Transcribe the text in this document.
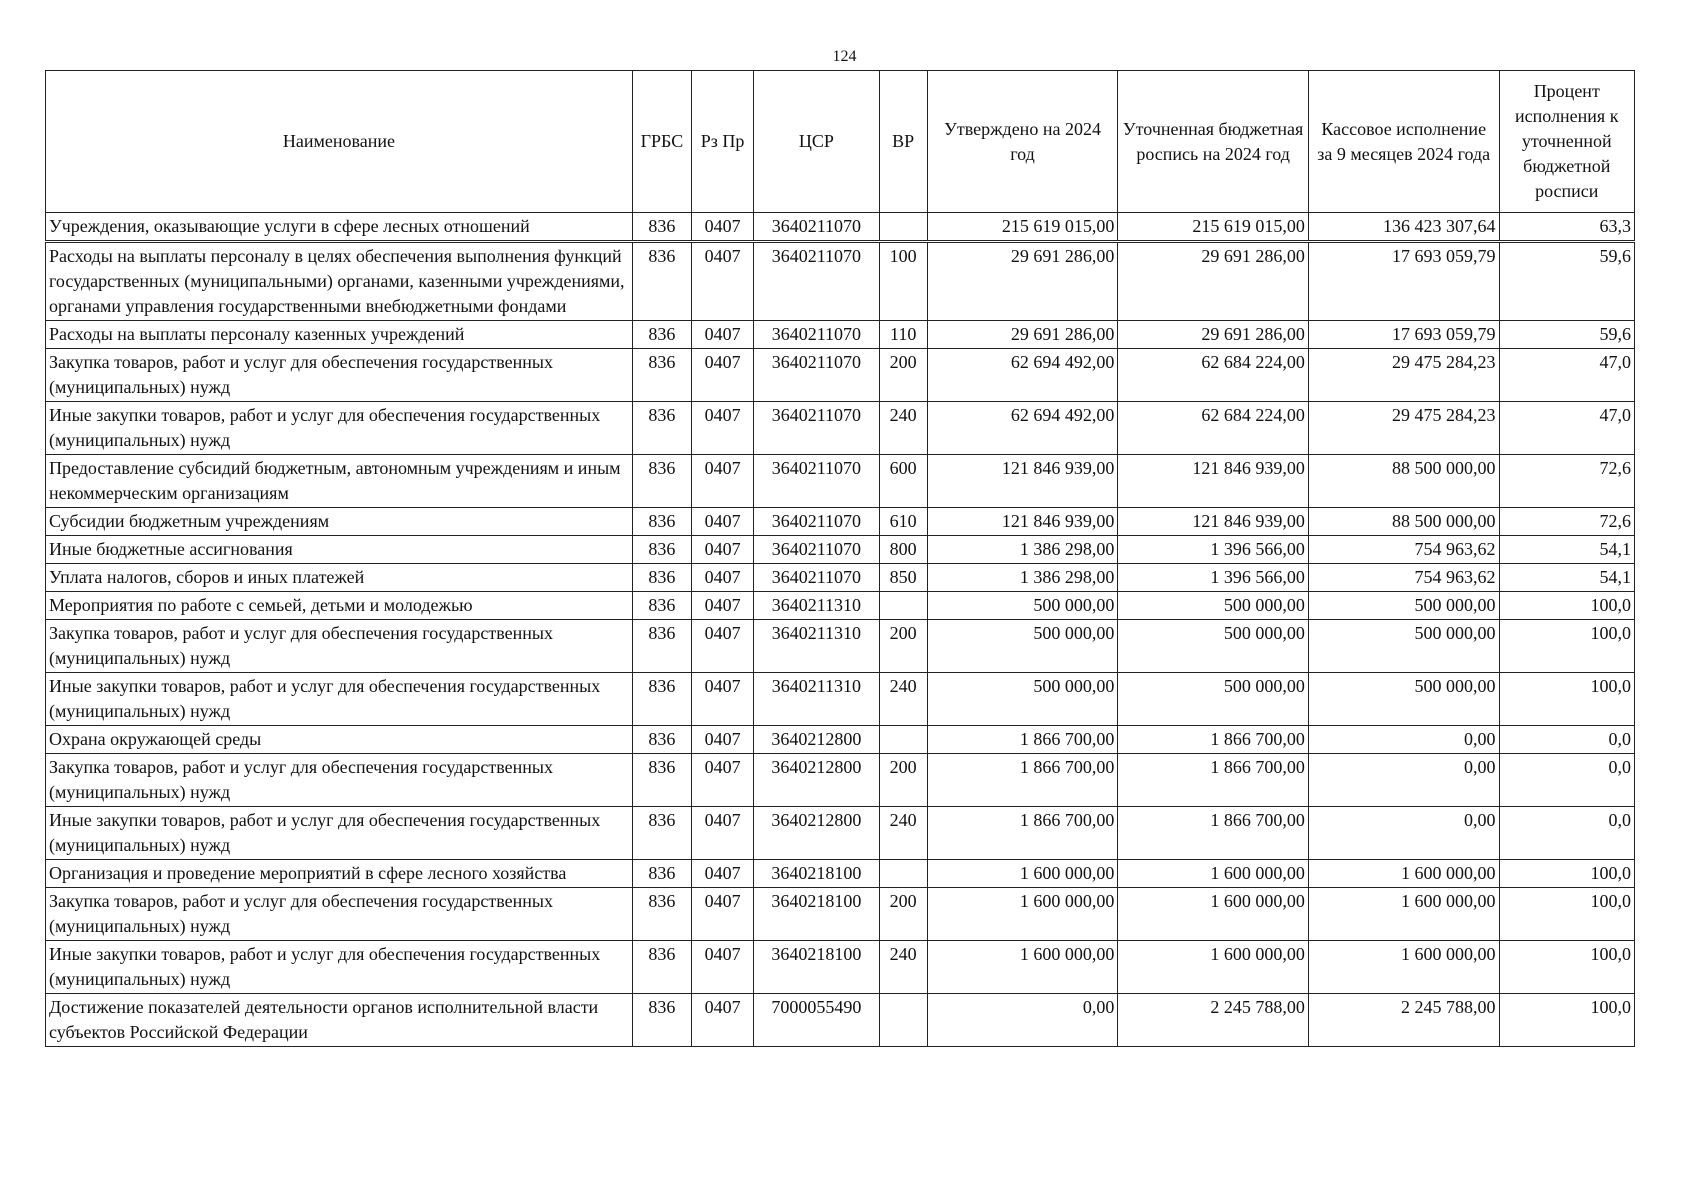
124
Наименование	ГРБС	Рз Пр	ЦСР	ВР	Утверждено на 2024 год	Уточненная бюджетная роспись на 2024 год	Кассовое исполнение за 9 месяцев 2024 года	Процент исполнения к уточненной бюджетной росписи
Учреждения, оказывающие услуги в сфере лесных отношений	836	0407	3640211070		215 619 015,00	215 619 015,00	136 423 307,64	63,3
Расходы на выплаты персоналу в целях обеспечения выполнения функций государственных (муниципальными) органами, казенными учреждениями, органами управления государственными внебюджетными фондами	836	0407	3640211070	100	29 691 286,00	29 691 286,00	17 693 059,79	59,6
Расходы на выплаты персоналу казенных учреждений	836	0407	3640211070	110	29 691 286,00	29 691 286,00	17 693 059,79	59,6
Закупка товаров, работ и услуг для обеспечения государственных (муниципальных) нужд	836	0407	3640211070	200	62 694 492,00	62 684 224,00	29 475 284,23	47,0
Иные закупки товаров, работ и услуг для обеспечения государственных (муниципальных) нужд	836	0407	3640211070	240	62 694 492,00	62 684 224,00	29 475 284,23	47,0
Предоставление субсидий бюджетным, автономным учреждениям и иным некоммерческим организациям	836	0407	3640211070	600	121 846 939,00	121 846 939,00	88 500 000,00	72,6
Субсидии бюджетным учреждениям	836	0407	3640211070	610	121 846 939,00	121 846 939,00	88 500 000,00	72,6
Иные бюджетные ассигнования	836	0407	3640211070	800	1 386 298,00	1 396 566,00	754 963,62	54,1
Уплата налогов, сборов и иных платежей	836	0407	3640211070	850	1 386 298,00	1 396 566,00	754 963,62	54,1
Мероприятия по работе с семьей, детьми и молодежью	836	0407	3640211310		500 000,00	500 000,00	500 000,00	100,0
Закупка товаров, работ и услуг для обеспечения государственных (муниципальных) нужд	836	0407	3640211310	200	500 000,00	500 000,00	500 000,00	100,0
Иные закупки товаров, работ и услуг для обеспечения государственных (муниципальных) нужд	836	0407	3640211310	240	500 000,00	500 000,00	500 000,00	100,0
Охрана окружающей среды	836	0407	3640212800		1 866 700,00	1 866 700,00	0,00	0,0
Закупка товаров, работ и услуг для обеспечения государственных (муниципальных) нужд	836	0407	3640212800	200	1 866 700,00	1 866 700,00	0,00	0,0
Иные закупки товаров, работ и услуг для обеспечения государственных (муниципальных) нужд	836	0407	3640212800	240	1 866 700,00	1 866 700,00	0,00	0,0
Организация и проведение мероприятий в сфере лесного хозяйства	836	0407	3640218100		1 600 000,00	1 600 000,00	1 600 000,00	100,0
Закупка товаров, работ и услуг для обеспечения государственных (муниципальных) нужд	836	0407	3640218100	200	1 600 000,00	1 600 000,00	1 600 000,00	100,0
Иные закупки товаров, работ и услуг для обеспечения государственных (муниципальных) нужд	836	0407	3640218100	240	1 600 000,00	1 600 000,00	1 600 000,00	100,0
Достижение показателей деятельности органов исполнительной власти субъектов Российской Федерации	836	0407	7000055490		0,00	2 245 788,00	2 245 788,00	100,0
